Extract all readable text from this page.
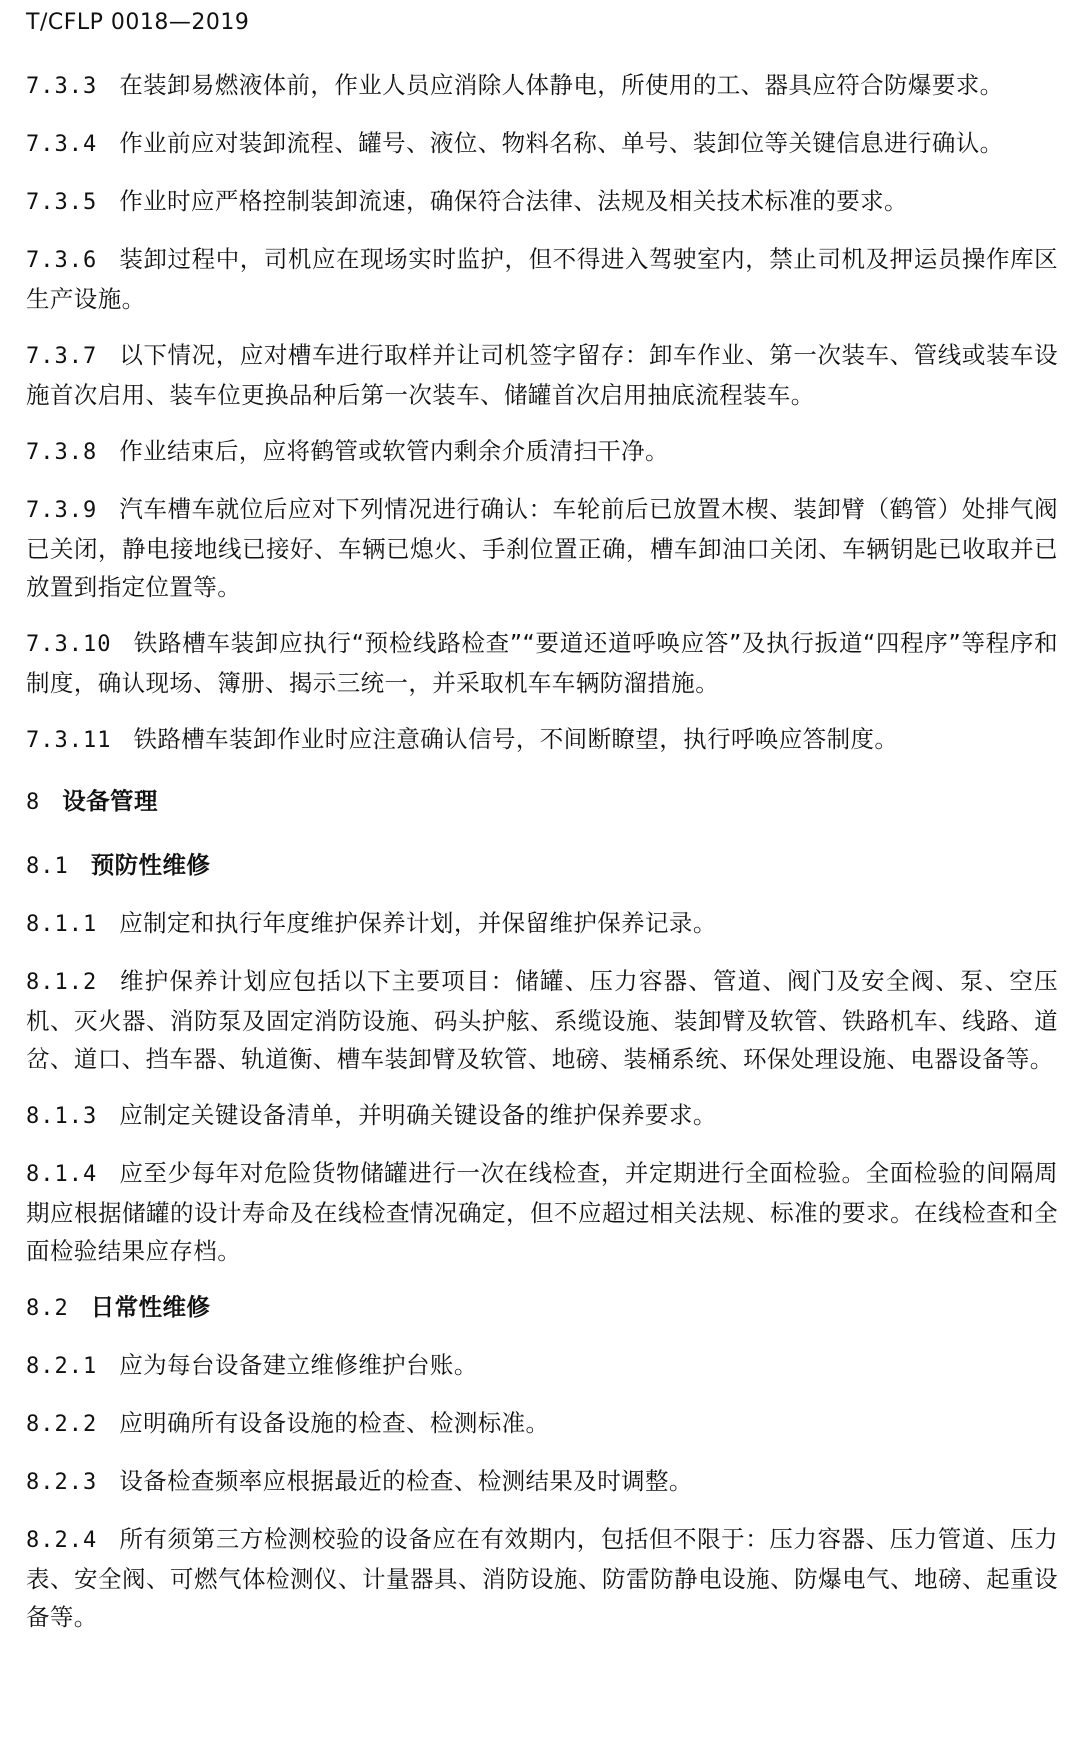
T/CFLP 0018—2019

7.3.3 在装卸易燃液体前，作业人员应消除人体静电，所使用的工、器具应符合防爆要求。

7.3.4 作业前应对装卸流程、罐号、液位、物料名称、单号、装卸位等关键信息进行确认。

7.3.5 作业时应严格控制装卸流速，确保符合法律、法规及相关技术标准的要求。

7.3.6 装卸过程中，司机应在现场实时监护，但不得进入驾驶室内，禁止司机及押运员操作库区生产设施。

7.3.7 以下情况，应对槽车进行取样并让司机签字留存：卸车作业、第一次装车、管线或装车设施首次启用、装车位更换品种后第一次装车、储罐首次启用抽底流程装车。

7.3.8 作业结束后，应将鹤管或软管内剩余介质清扫干净。

7.3.9 汽车槽车就位后应对下列情况进行确认：车轮前后已放置木楔、装卸臂（鹤管）处排气阀已关闭，静电接地线已接好、车辆已熄火、手刹位置正确，槽车卸油口关闭、车辆钥匙已收取并已放置到指定位置等。

7.3.10 铁路槽车装卸应执行“预检线路检查”“要道还道呼唤应答”及执行扳道“四程序”等程序和制度，确认现场、簿册、揭示三统一，并采取机车车辆防溜措施。

7.3.11 铁路槽车装卸作业时应注意确认信号，不间断瞭望，执行呼唤应答制度。

8 设备管理

8.1 预防性维修

8.1.1 应制定和执行年度维护保养计划，并保留维护保养记录。

8.1.2 维护保养计划应包括以下主要项目：储罐、压力容器、管道、阀门及安全阀、泵、空压机、灭火器、消防泵及固定消防设施、码头护舷、系缆设施、装卸臂及软管、铁路机车、线路、道岔、道口、挡车器、轨道衡、槽车装卸臂及软管、地磅、装桶系统、环保处理设施、电器设备等。

8.1.3 应制定关键设备清单，并明确关键设备的维护保养要求。

8.1.4 应至少每年对危险货物储罐进行一次在线检查，并定期进行全面检验。全面检验的间隔周期应根据储罐的设计寿命及在线检查情况确定，但不应超过相关法规、标准的要求。在线检查和全面检验结果应存档。

8.2 日常性维修

8.2.1 应为每台设备建立维修维护台账。

8.2.2 应明确所有设备设施的检查、检测标准。

8.2.3 设备检查频率应根据最近的检查、检测结果及时调整。

8.2.4 所有须第三方检测校验的设备应在有效期内，包括但不限于：压力容器、压力管道、压力表、安全阀、可燃气体检测仪、计量器具、消防设施、防雷防静电设施、防爆电气、地磅、起重设备等。
